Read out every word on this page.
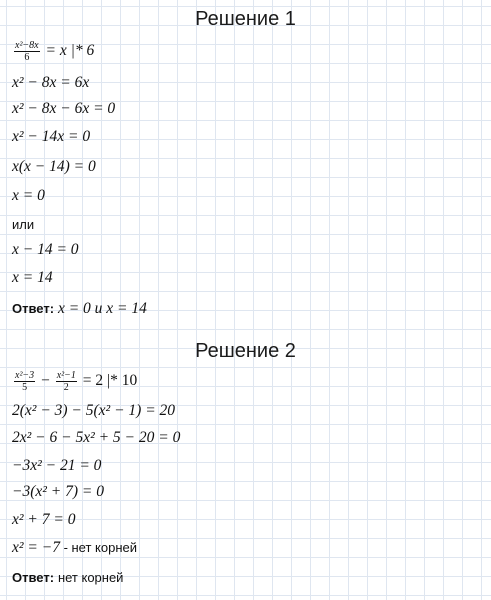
Решение 1
$\frac{\text{x²−8x}}{6} = x$ |* 6
x² − 8x = 6x
x² − 8x − 6x = 0
x² − 14x = 0
x(x − 14) = 0
x = 0
или
x − 14 = 0
x = 14
Ответ: x = 0 и x = 14
Решение 2
$\frac{\text{x²−3}}{5} - \frac{\text{x²−1}}{2} = 2$ |* 10
2(x² − 3) − 5(x² − 1) = 20
2x² − 6 − 5x² + 5 − 20 = 0
−3x² − 21 = 0
−3(x² + 7) = 0
x² + 7 = 0
x² = −7 - нет корней
Ответ: нет корней
